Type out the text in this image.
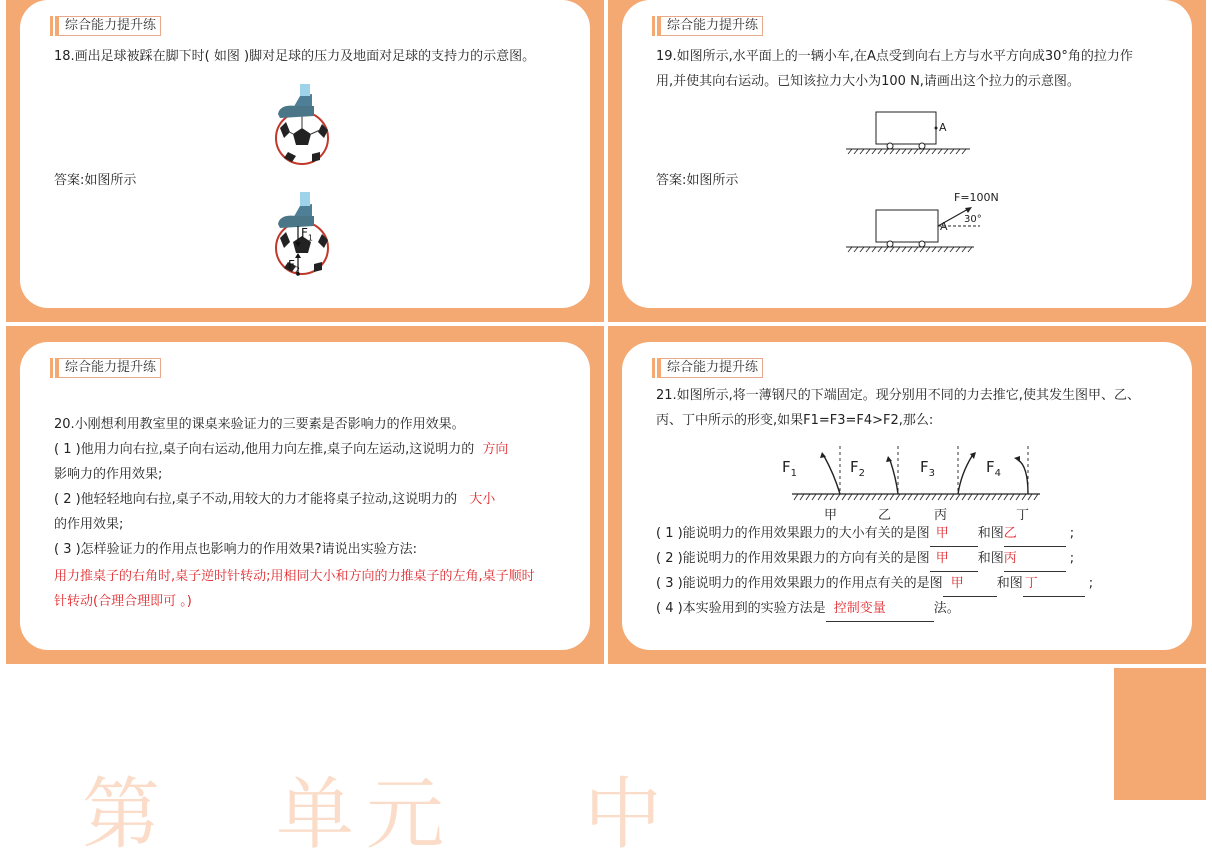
综合能力提升练
18.画出足球被踩在脚下时( 如图 )脚对足球的压力及地面对足球的支持力的示意图。
答案:如图所示
$F_1$
$F_2$
综合能力提升练
19.如图所示,水平面上的一辆小车,在A点受到向右上方与水平方向成30°角的拉力作
用,并使其向右运动。已知该拉力大小为100 N,请画出这个拉力的示意图。
A
答案:如图所示
F=100N
30°
A
综合能力提升练
20.小刚想利用教室里的课桌来验证力的三要素是否影响力的作用效果。
( 1 )他用力向右拉,桌子向右运动,他用力向左推,桌子向左运动,这说明力的 方向
影响力的作用效果;
( 2 )他轻轻地向右拉,桌子不动,用较大的力才能将桌子拉动,这说明力的 大小
的作用效果;
( 3 )怎样验证力的作用点也影响力的作用效果?请说出实验方法:
用力推桌子的右角时,桌子逆时针转动;用相同大小和方向的力推桌子的左角,桌子顺时
针转动(合理合理即可 。)
综合能力提升练
21.如图所示,将一薄钢尺的下端固定。现分别用不同的力去推它,使其发生图甲、乙、
丙、丁中所示的形变,如果F1=F3=F4>F2,那么:
$F_1$	$F_2$	$F_3$	$F_4$
甲	乙	丙	丁
( 1 )能说明力的作用效果跟力的大小有关的是图 甲 和图乙	;
( 2 )能说明力的作用效果跟力的方向有关的是图 甲 和图丙	;
( 3 )能说明力的作用效果跟力的作用点有关的是图 甲	和图 丁	;
( 4 )本实验用到的实验方法是 控制变量	法。
第 单 元 中
